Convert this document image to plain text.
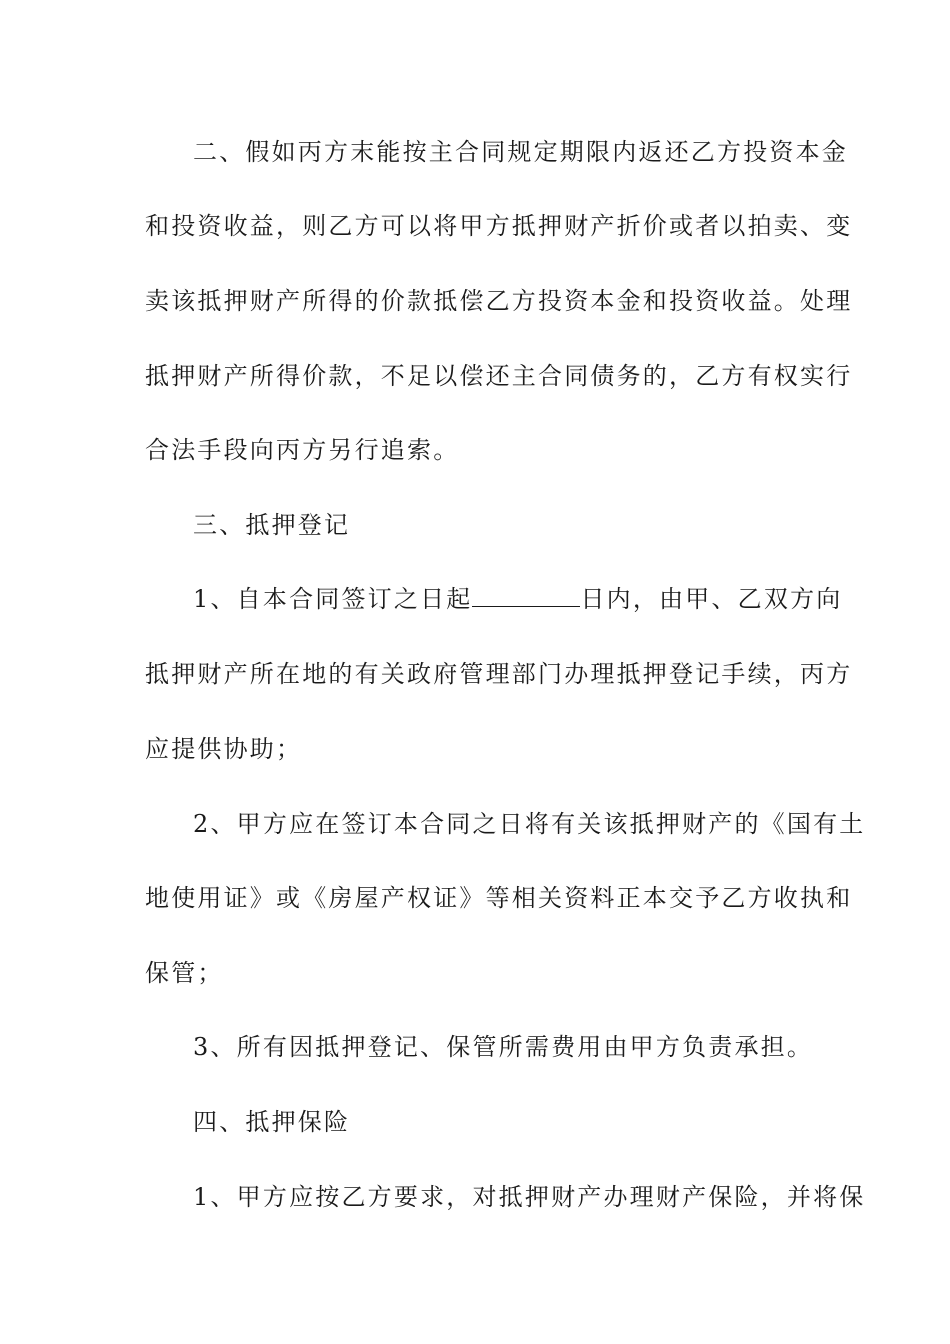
二、假如丙方末能按主合同规定期限内返还乙方投资本金
和投资收益，则乙方可以将甲方抵押财产折价或者以拍卖、变
卖该抵押财产所得的价款抵偿乙方投资本金和投资收益。处理
抵押财产所得价款，不足以偿还主合同债务的，乙方有权实行
合法手段向丙方另行追索。
三、抵押登记
1、自本合同签订之日起	日内，由甲、乙双方向
抵押财产所在地的有关政府管理部门办理抵押登记手续，丙方
应提供协助；
2、甲方应在签订本合同之日将有关该抵押财产的《国有土
地使用证》或《房屋产权证》等相关资料正本交予乙方收执和
保管；
3、所有因抵押登记、保管所需费用由甲方负责承担。
四、抵押保险
1、甲方应按乙方要求，对抵押财产办理财产保险，并将保
